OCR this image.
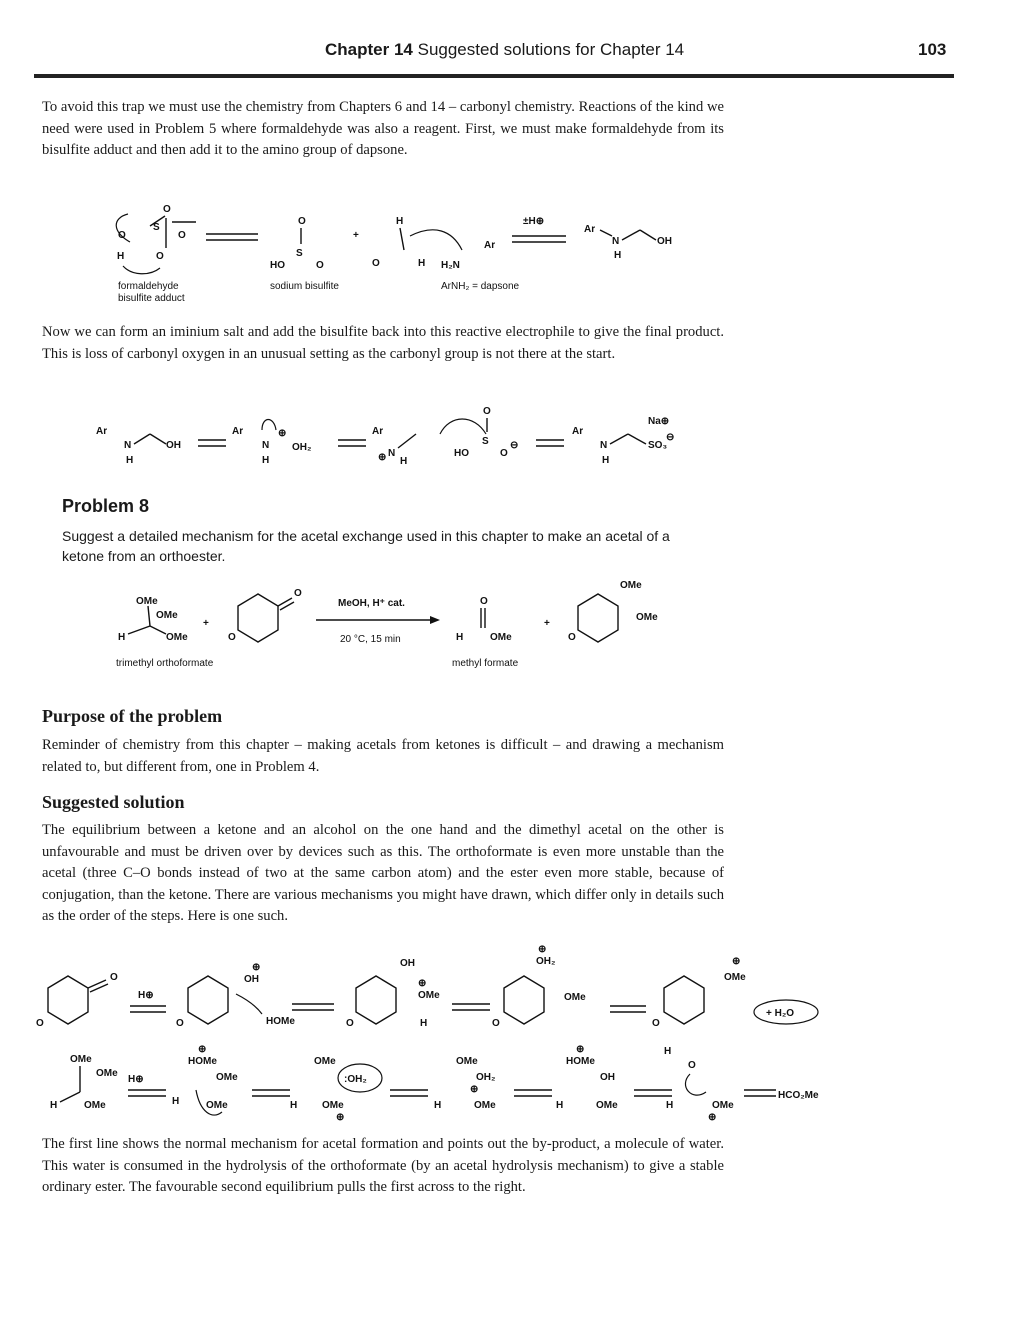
Chapter 14 Suggested solutions for Chapter 14	103
To avoid this trap we must use the chemistry from Chapters 6 and 14 – carbonyl chemistry. Reactions of the kind we need were used in Problem 5 where formaldehyde was also a reagent. First, we must make formaldehyde from its bisulfite adduct and then add it to the amino group of dapsone.
O
O
S
O
H	O
formaldehyde
bisulfite adduct
O
S
HO	O
+
sodium bisulfite
H
O	H H₂N
Ar
ArNH₂ = dapsone
±H⊕
Ar
N	OH
H
Now we can form an iminium salt and add the bisulfite back into this reactive electrophile to give the final product. This is loss of carbonyl oxygen in an unusual setting as the carbonyl group is not there at the start.
Ar
N	OH
H
Ar
N
⊕
OH₂
H
Ar
N
⊕ H
O
S
HO	O
⊖
Ar
N
Na⊕
SO₃
⊖
H
Problem 8
Suggest a detailed mechanism for the acetal exchange used in this chapter to make an acetal of a ketone from an orthoester.
OMe
OMe
H	OMe
+
trimethyl orthoformate
O
O
MeOH, H⁺ cat.
20 °C, 15 min
O
H	OMe
methyl formate
+
OMe
OMe
O
Purpose of the problem
Reminder of chemistry from this chapter – making acetals from ketones is difficult – and drawing a mechanism related to, but different from, one in Problem 4.
Suggested solution
The equilibrium between a ketone and an alcohol on the one hand and the dimethyl acetal on the other is unfavourable and must be driven over by devices such as this. The orthoformate is even more unstable than the acetal (three C–O bonds instead of two at the same carbon atom) and the ester even more stable, because of conjugation, than the ketone. There are various mechanisms you might have drawn, which differ only in details such as the order of the steps. Here is one such.
O
O
H⊕
OH
⊕
HOMe
O
OH
OMe
⊕
H
O
⊕
OH₂
OMe
O
⊕
OMe
O
+ H₂O
OMe
OMe
H	OMe
H⊕
⊕
HOMe
OMe
H	OMe
OMe
:OH₂
H OMe
⊕
OMe
OH₂
⊕
H	OMe
⊕
HOMe
OH
H	OMe
H
O
H	OMe
⊕
HCO₂Me
The first line shows the normal mechanism for acetal formation and points out the by-product, a molecule of water. This water is consumed in the hydrolysis of the orthoformate (by an acetal hydrolysis mechanism) to give a stable ordinary ester. The favourable second equilibrium pulls the first across to the right.
